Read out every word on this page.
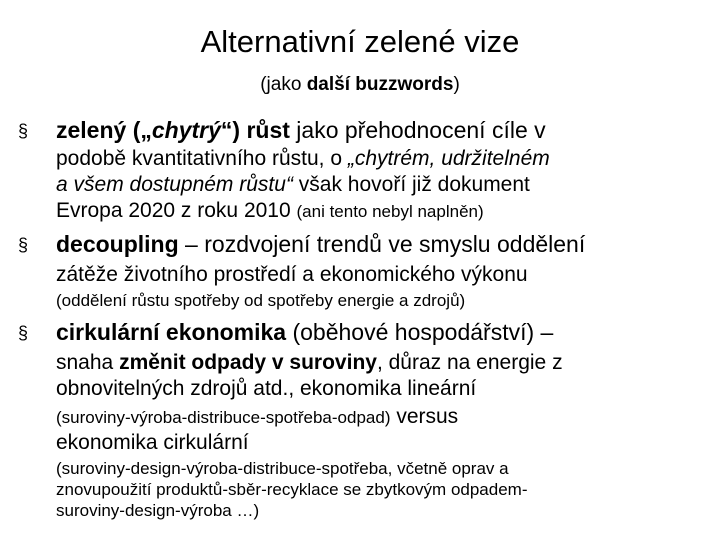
Alternativní zelené vize
(jako další buzzwords)
§ zelený („chytrý“) růst jako přehodnocení cíle v
podobě kvantitativního růstu, o „chytrém, udržitelném
a všem dostupném růstu“ však hovoří již dokument
Evropa 2020 z roku 2010 (ani tento nebyl naplněn)
§ decoupling – rozdvojení trendů ve smyslu oddělení
zátěže životního prostředí a ekonomického výkonu
(oddělení růstu spotřeby od spotřeby energie a zdrojů)
§ cirkulární ekonomika (oběhové hospodářství) –
snaha změnit odpady v suroviny, důraz na energie z
obnovitelných zdrojů atd., ekonomika lineární
(suroviny-výroba-distribuce-spotřeba-odpad) versus
ekonomika cirkulární
(suroviny-design-výroba-distribuce-spotřeba, včetně oprav a
znovupoužití produktů-sběr-recyklace se zbytkovým odpadem-
suroviny-design-výroba …)
